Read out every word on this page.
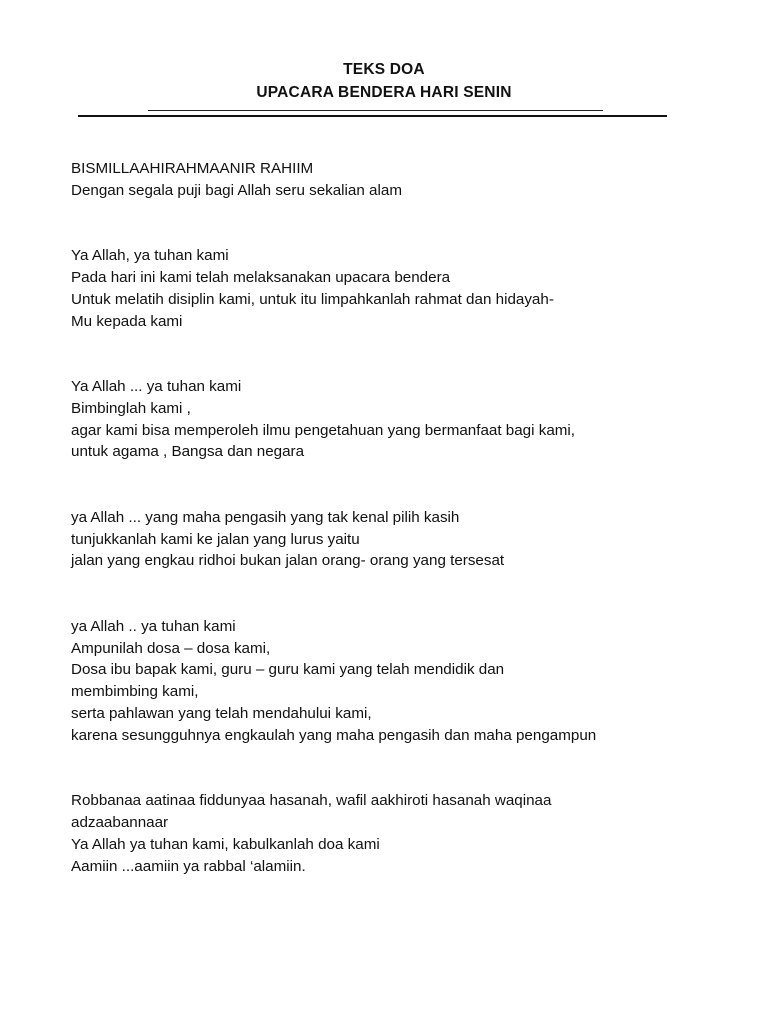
TEKS DOA
UPACARA BENDERA HARI SENIN
BISMILLAAHIRAHMAANIR RAHIIM
Dengan segala puji bagi Allah seru sekalian alam
Ya Allah, ya tuhan kami
Pada hari ini kami telah melaksanakan upacara bendera
Untuk melatih disiplin kami, untuk itu limpahkanlah rahmat dan hidayah-
Mu kepada kami
Ya Allah ... ya tuhan kami
Bimbinglah kami ,
agar kami bisa memperoleh ilmu pengetahuan yang bermanfaat bagi kami,
untuk agama , Bangsa dan negara
ya Allah ... yang maha pengasih yang tak kenal pilih kasih
tunjukkanlah kami ke jalan yang lurus yaitu
jalan yang engkau ridhoi bukan jalan orang- orang yang tersesat
ya Allah .. ya tuhan kami
Ampunilah dosa – dosa kami,
Dosa ibu bapak kami, guru – guru kami yang telah mendidik dan
membimbing kami,
serta pahlawan yang telah mendahului kami,
karena sesungguhnya engkaulah yang maha pengasih dan maha pengampun
Robbanaa aatinaa fiddunyaa hasanah, wafil aakhiroti hasanah waqinaa
adzaabannaar
Ya Allah ya tuhan kami, kabulkanlah doa kami
Aamiin ...aamiin ya rabbal ‘alamiin.
